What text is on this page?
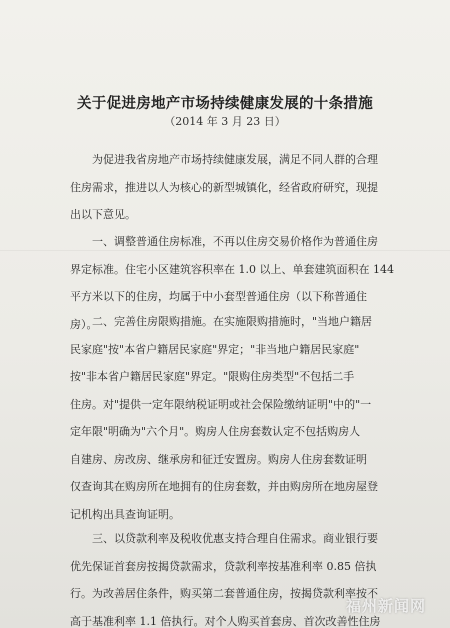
关于促进房地产市场持续健康发展的十条措施
（2014 年 3 月 23 日）
为促进我省房地产市场持续健康发展，满足不同人群的合理
住房需求，推进以人为核心的新型城镇化，经省政府研究，现提
出以下意见。
一、调整普通住房标准，不再以住房交易价格作为普通住房
界定标准。住宅小区建筑容积率在 1.0 以上、单套建筑面积在 144
平方米以下的住房，均属于中小套型普通住房（以下称普通住
房）。
二、完善住房限购措施。在实施限购措施时，"当地户籍居
民家庭"按"本省户籍居民家庭"界定；"非当地户籍居民家庭"
按"非本省户籍居民家庭"界定。"限购住房类型"不包括二手
住房。对"提供一定年限纳税证明或社会保险缴纳证明"中的"一
定年限"明确为"六个月"。购房人住房套数认定不包括购房人
自建房、房改房、继承房和征迁安置房。购房人住房套数证明
仅查询其在购房所在地拥有的住房套数，并由购房所在地房屋登
记机构出具查询证明。
三、以贷款利率及税收优惠支持合理自住需求。商业银行要
优先保证首套房按揭贷款需求，贷款利率按基准利率 0.85 倍执
行。为改善居住条件，购买第二套普通住房，按揭贷款利率按不
高于基准利率 1.1 倍执行。对个人购买首套房、首次改善性住房
福州新闻网
